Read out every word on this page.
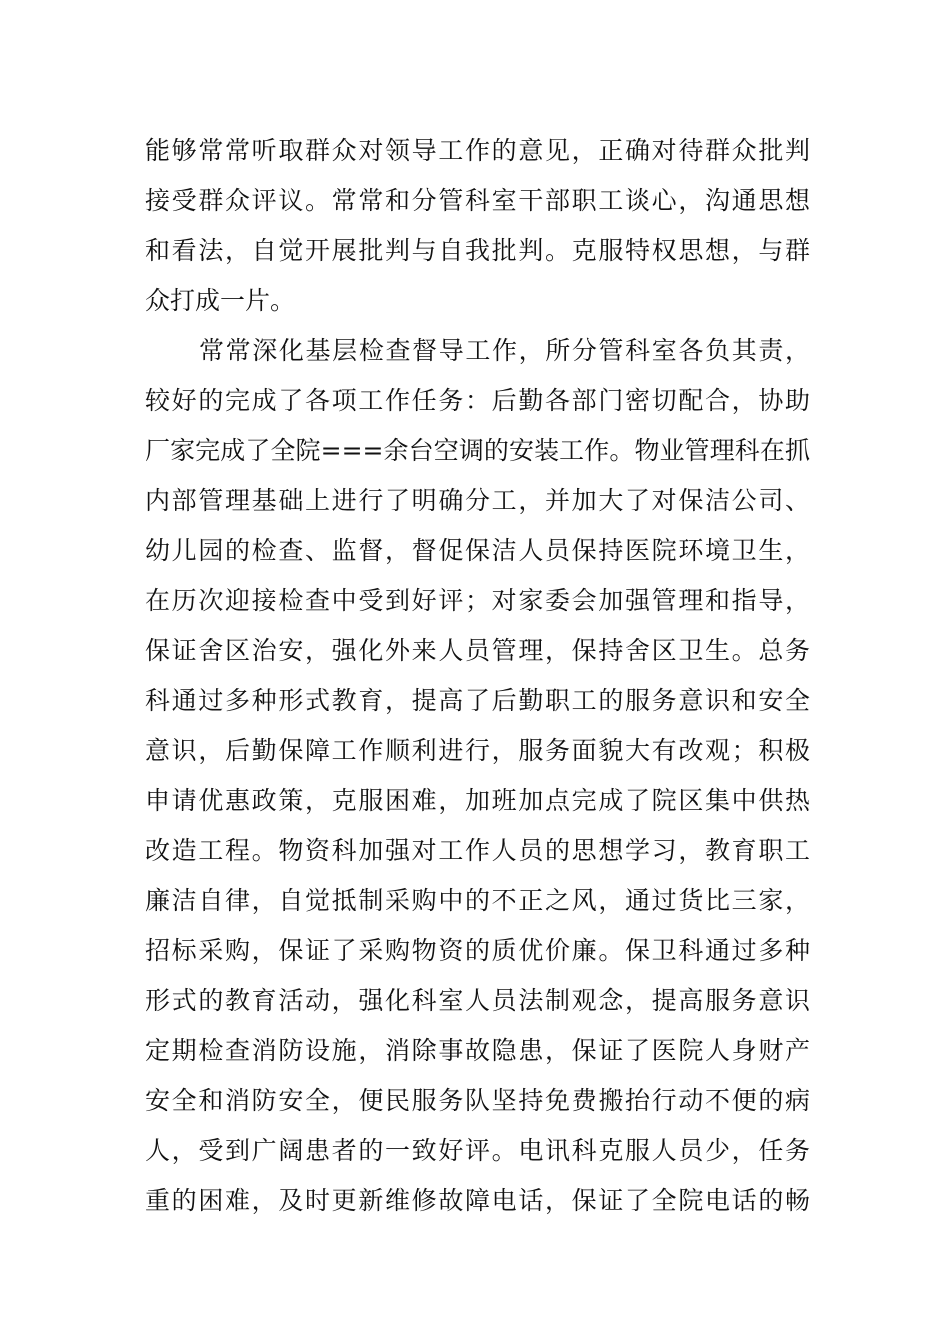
能够常常听取群众对领导工作的意见，正确对待群众批判
接受群众评议。常常和分管科室干部职工谈心，沟通思想
和看法，自觉开展批判与自我批判。克服特权思想，与群
众打成一片。
常常深化基层检查督导工作，所分管科室各负其责，
较好的完成了各项工作任务：后勤各部门密切配合，协助
厂家完成了全院===余台空调的安装工作。物业管理科在抓
内部管理基础上进行了明确分工，并加大了对保洁公司、
幼儿园的检查、监督，督促保洁人员保持医院环境卫生，
在历次迎接检查中受到好评；对家委会加强管理和指导，
保证舍区治安，强化外来人员管理，保持舍区卫生。总务
科通过多种形式教育，提高了后勤职工的服务意识和安全
意识，后勤保障工作顺利进行，服务面貌大有改观；积极
申请优惠政策，克服困难，加班加点完成了院区集中供热
改造工程。物资科加强对工作人员的思想学习，教育职工
廉洁自律，自觉抵制采购中的不正之风，通过货比三家，
招标采购，保证了采购物资的质优价廉。保卫科通过多种
形式的教育活动，强化科室人员法制观念，提高服务意识
定期检查消防设施，消除事故隐患，保证了医院人身财产
安全和消防安全，便民服务队坚持免费搬抬行动不便的病
人，受到广阔患者的一致好评。电讯科克服人员少，任务
重的困难，及时更新维修故障电话，保证了全院电话的畅
